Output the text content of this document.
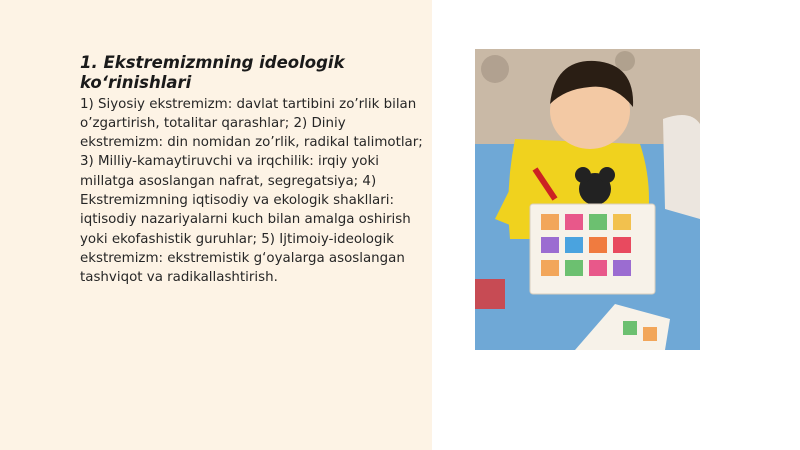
1. Ekstremizmning ideologik ko‘rinishlari

1) Siyosiy ekstremizm: davlat tartibini zo’rlik bilan o’zgartirish, totalitar qarashlar; 2) Diniy ekstremizm: din nomidan zo’rlik, radikal talimotlar; 3) Milliy-kamaytiruvchi va irqchilik: irqiy yoki millatga asoslangan nafrat, segregatsiya; 4) Ekstremizmning iqtisodiy va ekologik shakllari: iqtisodiy nazariyalarni kuch bilan amalga oshirish yoki ekofashistik guruhlar; 5) Ijtimoiy-ideologik ekstremizm: ekstremistik g‘oyalarga asoslangan tashviqot va radikallashtirish.
